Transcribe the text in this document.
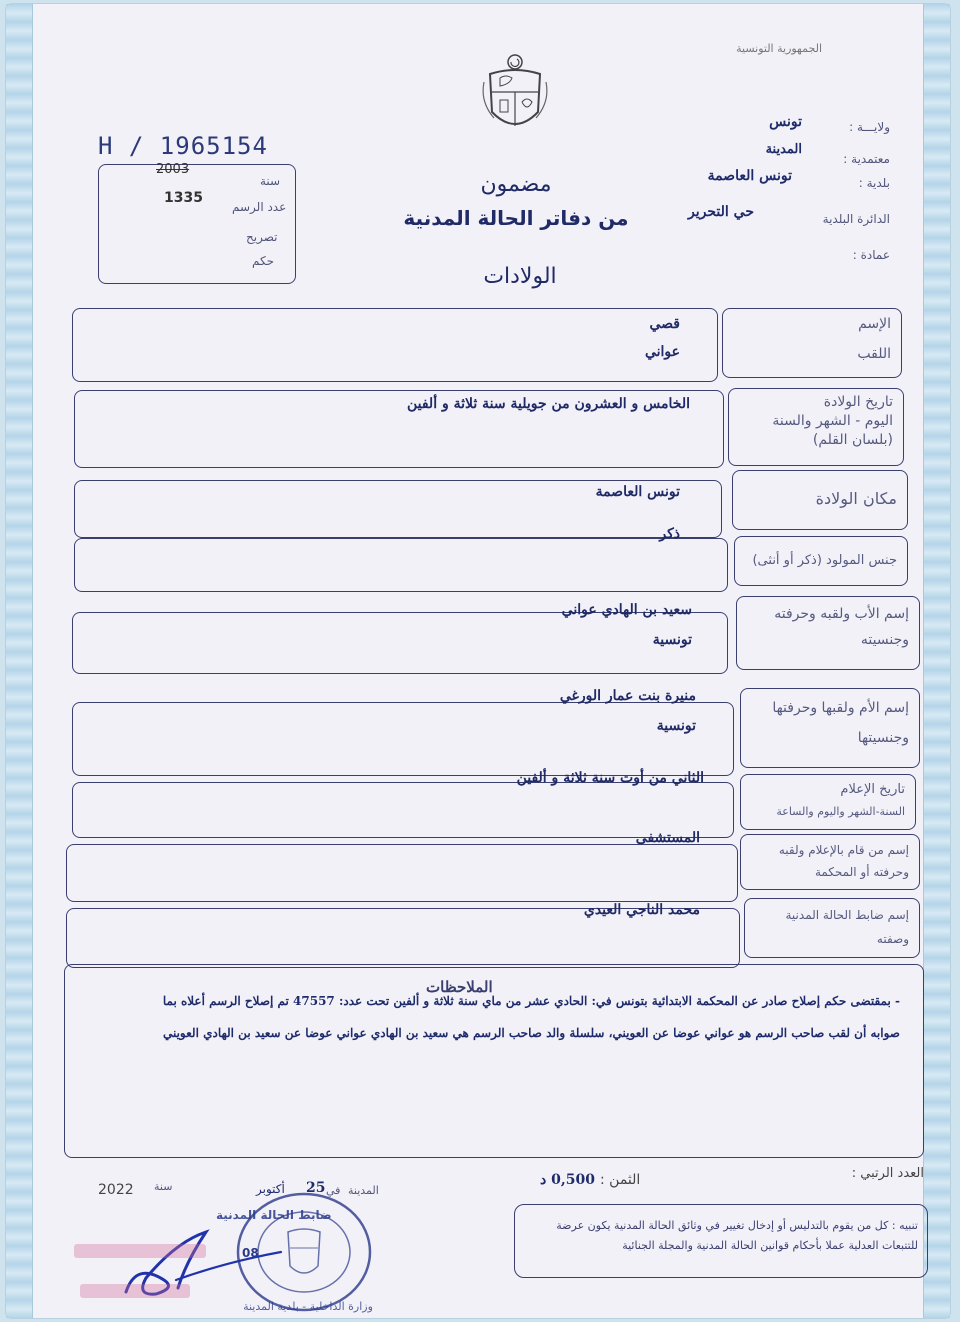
الجمهورية التونسية
ولايـــة :
تونس
معتمدية :
المدينة
بلدية :
تونس العاصمة
الدائرة البلدية
حي التحرير
عمادة :
H / 1965154
2003
سنة
1335
عدد الرسم
تصريح
حكم
مضمون
من دفاتر الحالة المدنية
الولادات
الإسم
اللقب
قصي
عواني
تاريخ الولادة
اليوم - الشهر والسنة
(بلسان القلم)
الخامس و العشرون من جويلية سنة ثلاثة و ألفين
مكان الولادة
تونس العاصمة
جنس المولود (ذكر أو أنثى)
ذكر
إسم الأب ولقبه وحرفته
وجنسيته
سعيد بن الهادي عواني
تونسية
إسم الأم ولقبها وحرفتها
وجنسيتها
منيرة بنت عمار الورغي
تونسية
تاريخ الإعلام
السنة-الشهر واليوم والساعة
الثاني من أوت سنة ثلاثة و ألفين
إسم من قام بالإعلام ولقبه
وحرفته أو المحكمة
المستشفى
إسم ضابط الحالة المدنية
وصفته
محمد الناجي العيدي
الملاحظات
- بمقتضى حكم إصلاح صادر عن المحكمة الابتدائية بتونس في: الحادي عشر من ماي سنة ثلاثة و ألفين تحت عدد: 47557 تم إصلاح الرسم أعلاه بما
صوابه أن لقب صاحب الرسم هو عواني عوضا عن العويني، سلسلة والد صاحب الرسم هي سعيد بن الهادي عواني عوضا عن سعيد بن الهادي العويني
العدد الرتبي :
الثمن :
0,500 د
المدينة
في
25
أكتوبر
سنة
2022
تنبيه : كل من يقوم بالتدليس أو إدخال تغيير في وثائق الحالة المدنية يكون عرضة للتتبعات العدلية عملا بأحكام قوانين الحالة المدنية والمجلة الجنائية
وزارة الداخلية - بلدية المدينة
ضابط الحالة المدنية
08
